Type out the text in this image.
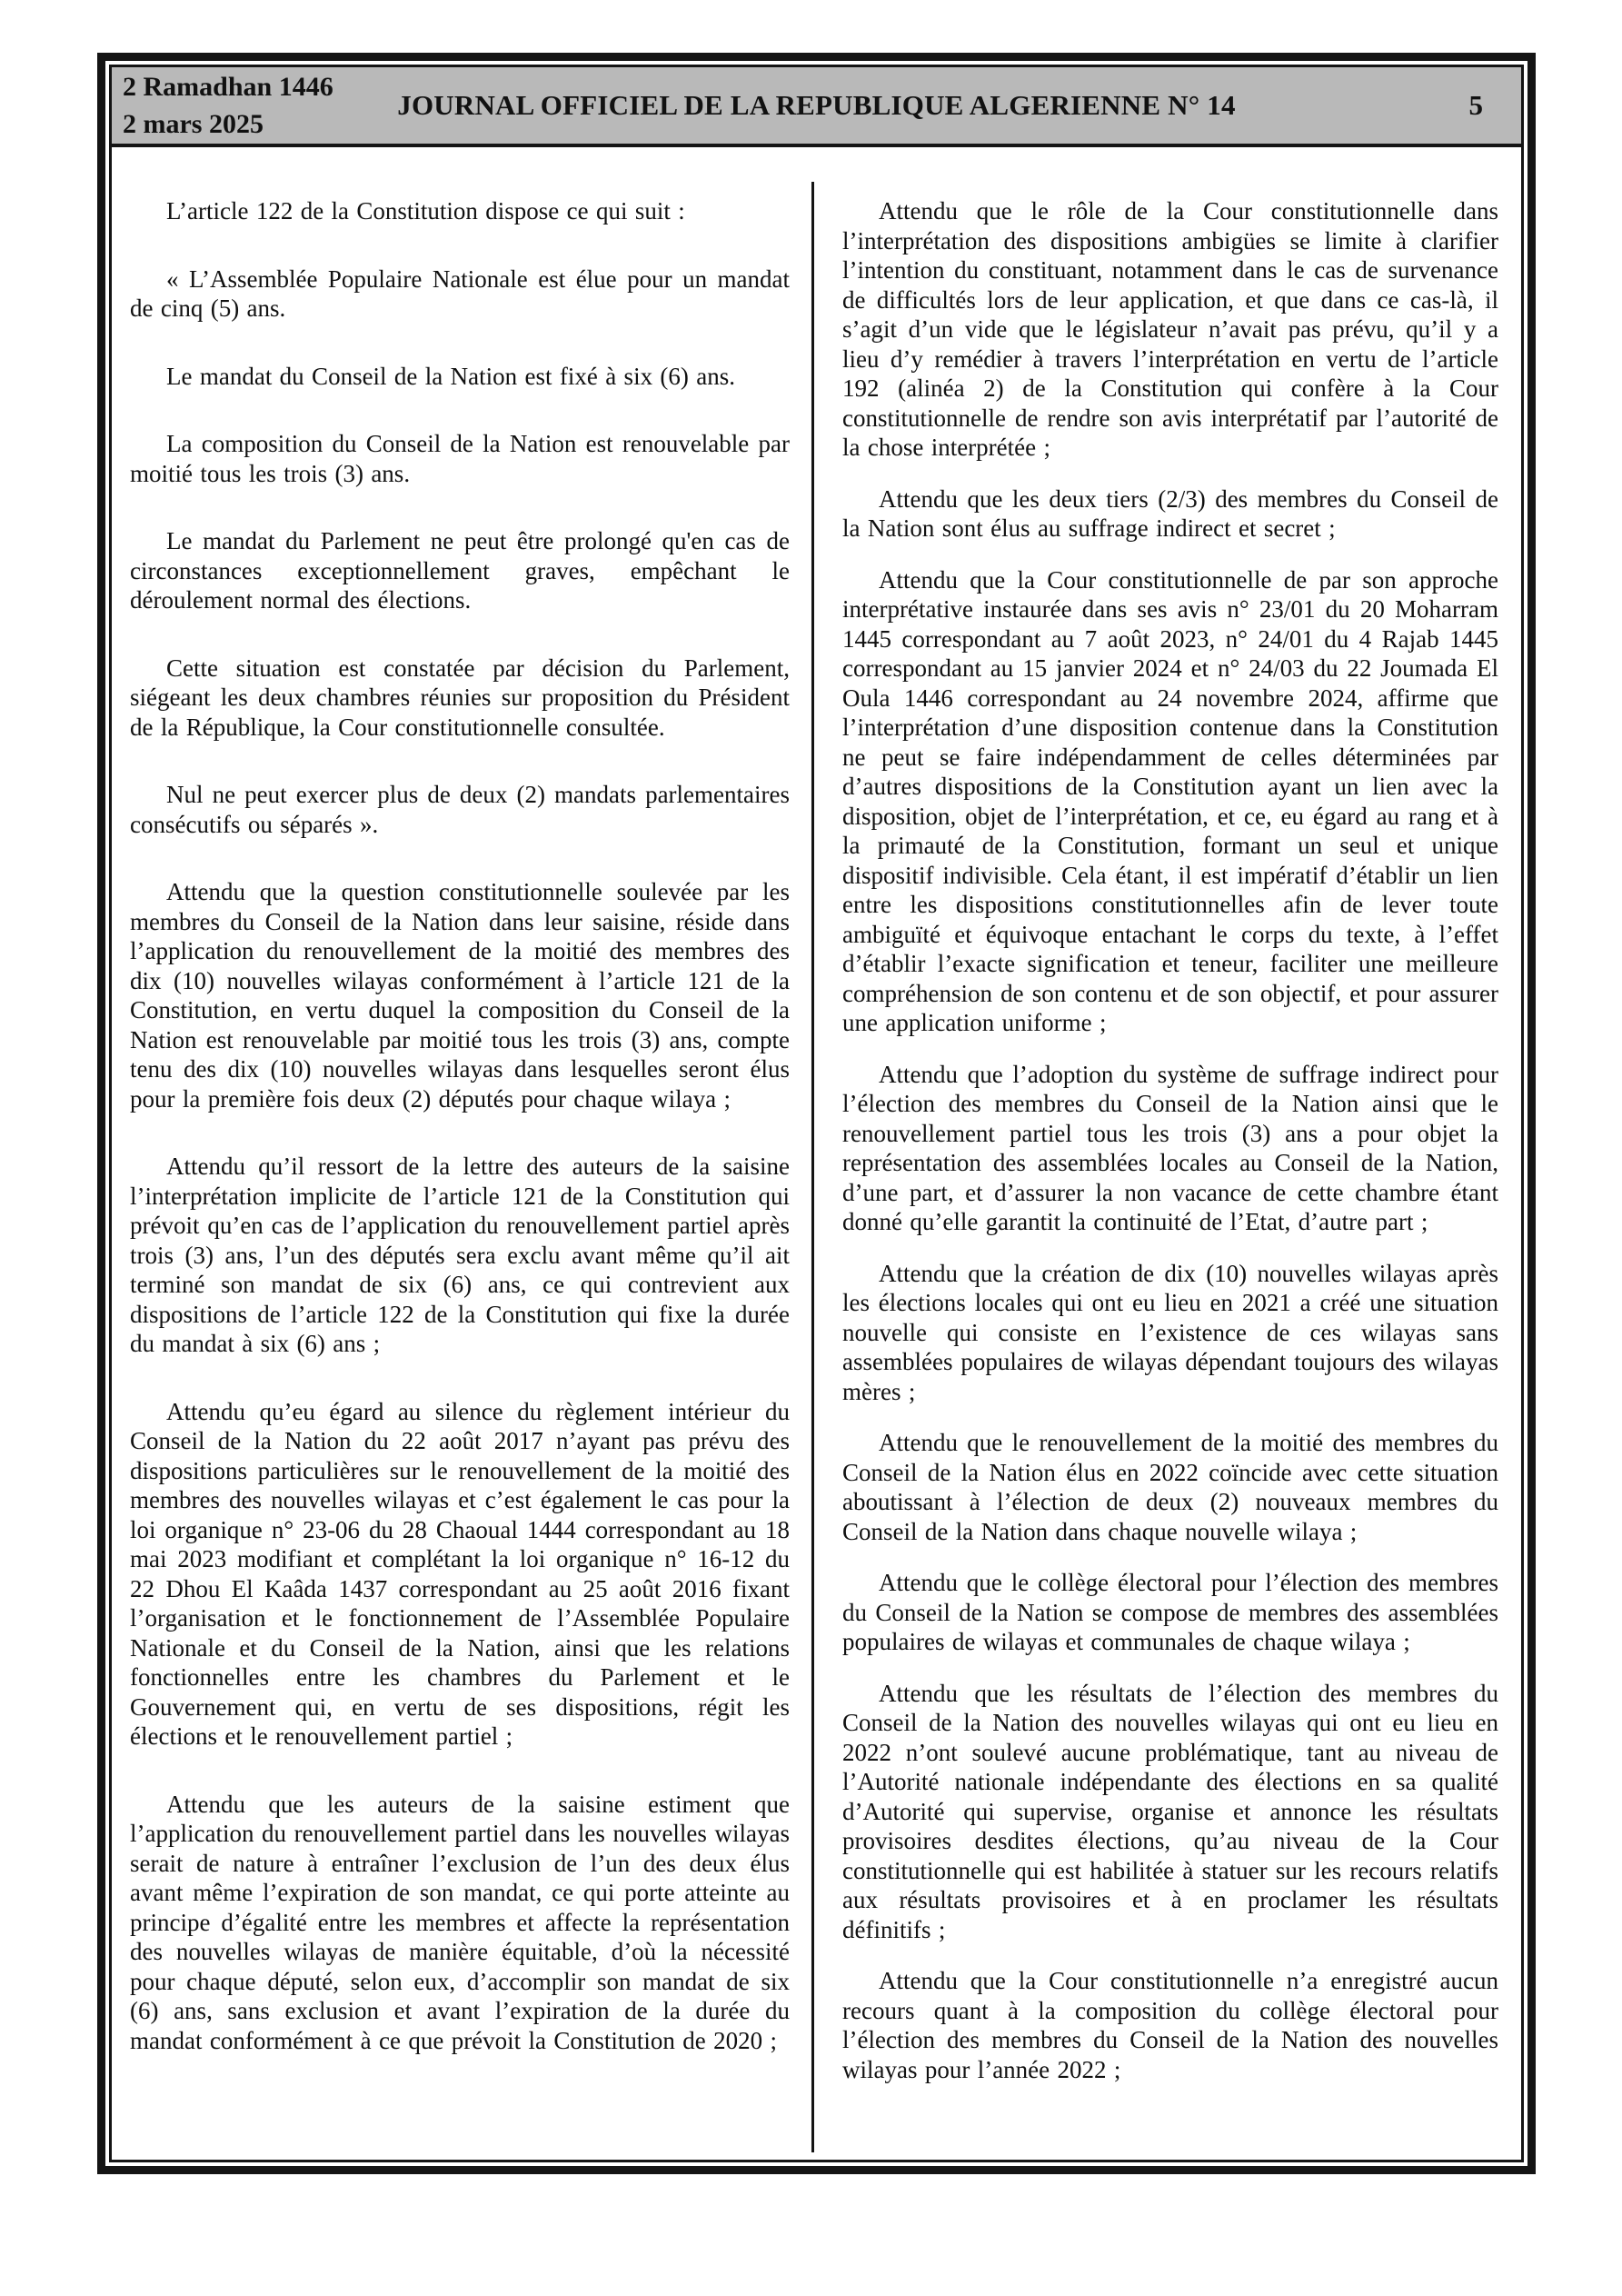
2 Ramadhan 1446
2 mars 2025
JOURNAL OFFICIEL DE LA REPUBLIQUE ALGERIENNE N° 14	5

L’article 122 de la Constitution dispose ce qui suit :

« L’Assemblée Populaire Nationale est élue pour un mandat de cinq (5) ans.

Le mandat du Conseil de la Nation est fixé à six (6) ans.

La composition du Conseil de la Nation est renouvelable par moitié tous les trois (3) ans.

Le mandat du Parlement ne peut être prolongé qu'en cas de circonstances exceptionnellement graves, empêchant le déroulement normal des élections.

Cette situation est constatée par décision du Parlement, siégeant les deux chambres réunies sur proposition du Président de la République, la Cour constitutionnelle consultée.

Nul ne peut exercer plus de deux (2) mandats parlementaires consécutifs ou séparés ».

Attendu que la question constitutionnelle soulevée par les membres du Conseil de la Nation dans leur saisine, réside dans l’application du renouvellement de la moitié des membres des dix (10) nouvelles wilayas conformément à l’article 121 de la Constitution, en vertu duquel la composition du Conseil de la Nation est renouvelable par moitié tous les trois (3) ans, compte tenu des dix (10) nouvelles wilayas dans lesquelles seront élus pour la première fois deux (2) députés pour chaque wilaya ;

Attendu qu’il ressort de la lettre des auteurs de la saisine l’interprétation implicite de l’article 121 de la Constitution qui prévoit qu’en cas de l’application du renouvellement partiel après trois (3) ans, l’un des députés sera exclu avant même qu’il ait terminé son mandat de six (6) ans, ce qui contrevient aux dispositions de l’article 122 de la Constitution qui fixe la durée du mandat à six (6) ans ;

Attendu qu’eu égard au silence du règlement intérieur du Conseil de la Nation du 22 août 2017 n’ayant pas prévu des dispositions particulières sur le renouvellement de la moitié des membres des nouvelles wilayas et c’est également le cas pour la loi organique n° 23-06 du 28 Chaoual 1444 correspondant au 18 mai 2023 modifiant et complétant la loi organique n° 16-12 du 22 Dhou El Kaâda 1437 correspondant au 25 août 2016 fixant l’organisation et le fonctionnement de l’Assemblée Populaire Nationale et du Conseil de la Nation, ainsi que les relations fonctionnelles entre les chambres du Parlement et le Gouvernement qui, en vertu de ses dispositions, régit les élections et le renouvellement partiel ;

Attendu que les auteurs de la saisine estiment que l’application du renouvellement partiel dans les nouvelles wilayas serait de nature à entraîner l’exclusion de l’un des deux élus avant même l’expiration de son mandat, ce qui porte atteinte au principe d’égalité entre les membres et affecte la représentation des nouvelles wilayas de manière équitable, d’où la nécessité pour chaque député, selon eux, d’accomplir son mandat de six (6) ans, sans exclusion et avant l’expiration de la durée du mandat conformément à ce que prévoit la Constitution de 2020 ;

Attendu que le rôle de la Cour constitutionnelle dans l’interprétation des dispositions ambigües se limite à clarifier l’intention du constituant, notamment dans le cas de survenance de difficultés lors de leur application, et que dans ce cas-là, il s’agit d’un vide que le législateur n’avait pas prévu, qu’il y a lieu d’y remédier à travers l’interprétation en vertu de l’article 192 (alinéa 2) de la Constitution qui confère à la Cour constitutionnelle de rendre son avis interprétatif par l’autorité de la chose interprétée ;

Attendu que les deux tiers (2/3) des membres du Conseil de la Nation sont élus au suffrage indirect et secret ;

Attendu que la Cour constitutionnelle de par son approche interprétative instaurée dans ses avis n° 23/01 du 20 Moharram 1445 correspondant au 7 août 2023, n° 24/01 du 4 Rajab 1445 correspondant au 15 janvier 2024 et n° 24/03 du 22 Joumada El Oula 1446 correspondant au 24 novembre 2024, affirme que l’interprétation d’une disposition contenue dans la Constitution ne peut se faire indépendamment de celles déterminées par d’autres dispositions de la Constitution ayant un lien avec la disposition, objet de l’interprétation, et ce, eu égard au rang et à la primauté de la Constitution, formant un seul et unique dispositif indivisible. Cela étant, il est impératif d’établir un lien entre les dispositions constitutionnelles afin de lever toute ambiguïté et équivoque entachant le corps du texte, à l’effet d’établir l’exacte signification et teneur, faciliter une meilleure compréhension de son contenu et de son objectif, et pour assurer une application uniforme ;

Attendu que l’adoption du système de suffrage indirect pour l’élection des membres du Conseil de la Nation ainsi que le renouvellement partiel tous les trois (3) ans a pour objet la représentation des assemblées locales au Conseil de la Nation, d’une part, et d’assurer la non vacance de cette chambre étant donné qu’elle garantit la continuité de l’Etat, d’autre part ;

Attendu que la création de dix (10) nouvelles wilayas après les élections locales qui ont eu lieu en 2021 a créé une situation nouvelle qui consiste en l’existence de ces wilayas sans assemblées populaires de wilayas dépendant toujours des wilayas mères ;

Attendu que le renouvellement de la moitié des membres du Conseil de la Nation élus en 2022 coïncide avec cette situation aboutissant à l’élection de deux (2) nouveaux membres du Conseil de la Nation dans chaque nouvelle wilaya ;

Attendu que le collège électoral pour l’élection des membres du Conseil de la Nation se compose de membres des assemblées populaires de wilayas et communales de chaque wilaya ;

Attendu que les résultats de l’élection des membres du Conseil de la Nation des nouvelles wilayas qui ont eu lieu en 2022 n’ont soulevé aucune problématique, tant au niveau de l’Autorité nationale indépendante des élections en sa qualité d’Autorité qui supervise, organise et annonce les résultats provisoires desdites élections, qu’au niveau de la Cour constitutionnelle qui est habilitée à statuer sur les recours relatifs aux résultats provisoires et à en proclamer les résultats définitifs ;

Attendu que la Cour constitutionnelle n’a enregistré aucun recours quant à la composition du collège électoral pour l’élection des membres du Conseil de la Nation des nouvelles wilayas pour l’année 2022 ;
